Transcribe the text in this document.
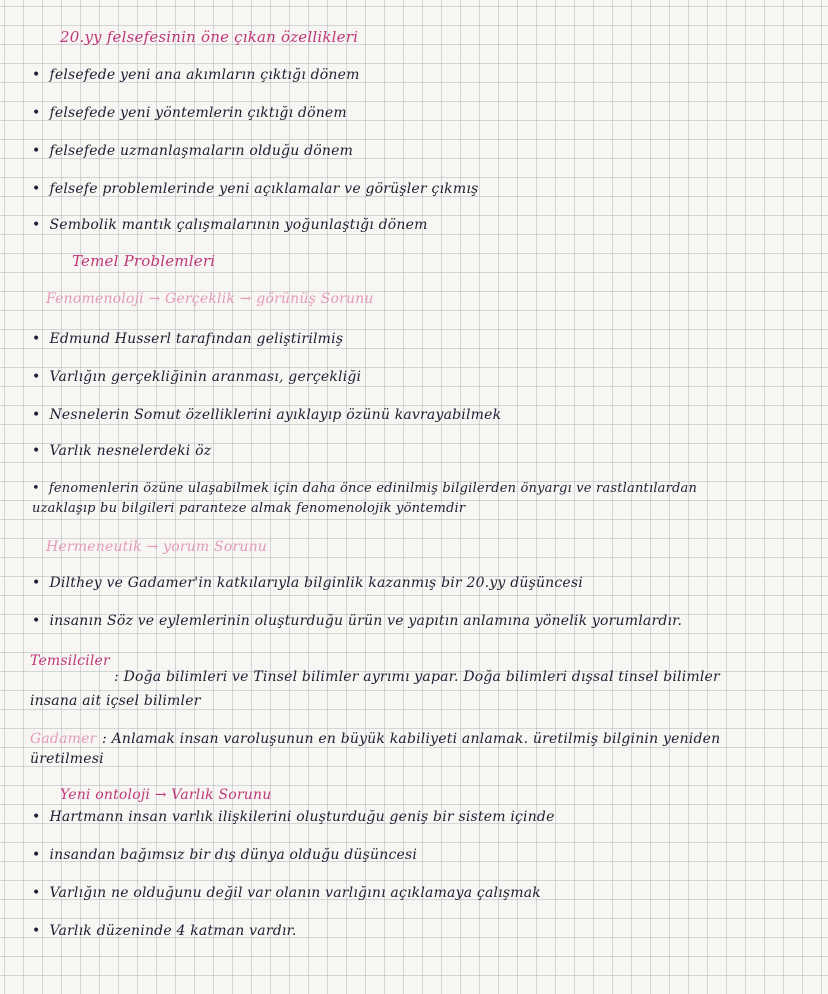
20.yy felsefesinin öne çıkan özellikleri
• felsefede yeni ana akımların çıktığı dönem
• felsefede yeni yöntemlerin çıktığı dönem
• felsefede uzmanlaşmaların olduğu dönem
• felsefe problemlerinde yeni açıklamalar ve görüşler çıkmış
• Sembolik mantık çalışmalarının yoğunlaştığı dönem
Temel Problemleri
Fenomenoloji → Gerçeklik → görünüş Sorunu
• Edmund Husserl tarafından geliştirilmiş
• Varlığın gerçekliğinin aranması, gerçekliği
• Nesnelerin Somut özelliklerini ayıklayıp özünü kavrayabilmek
• Varlık nesnelerdeki öz
• fenomenlerin özüne ulaşabilmek için daha önce edinilmiş bilgilerden önyargı ve rastlantılardan
uzaklaşıp bu bilgileri paranteze almak fenomenolojik yöntemdir
Hermeneutik → yorum Sorunu
• Dilthey ve Gadamer'in katkılarıyla bilginlik kazanmış bir 20.yy düşüncesi
• insanın Söz ve eylemlerinin oluşturduğu ürün ve yapıtın anlamına yönelik yorumlardır.
Temsilciler
: Doğa bilimleri ve Tinsel bilimler ayrımı yapar. Doğa bilimleri dışsal tinsel bilimler
insana ait içsel bilimler
Gadamer : Anlamak insan varoluşunun en büyük kabiliyeti anlamak. üretilmiş bilginin yeniden
üretilmesi
Yeni ontoloji → Varlık Sorunu
• Hartmann insan varlık ilişkilerini oluşturduğu geniş bir sistem içinde
• insandan bağımsız bir dış dünya olduğu düşüncesi
• Varlığın ne olduğunu değil var olanın varlığını açıklamaya çalışmak
• Varlık düzeninde 4 katman vardır.
